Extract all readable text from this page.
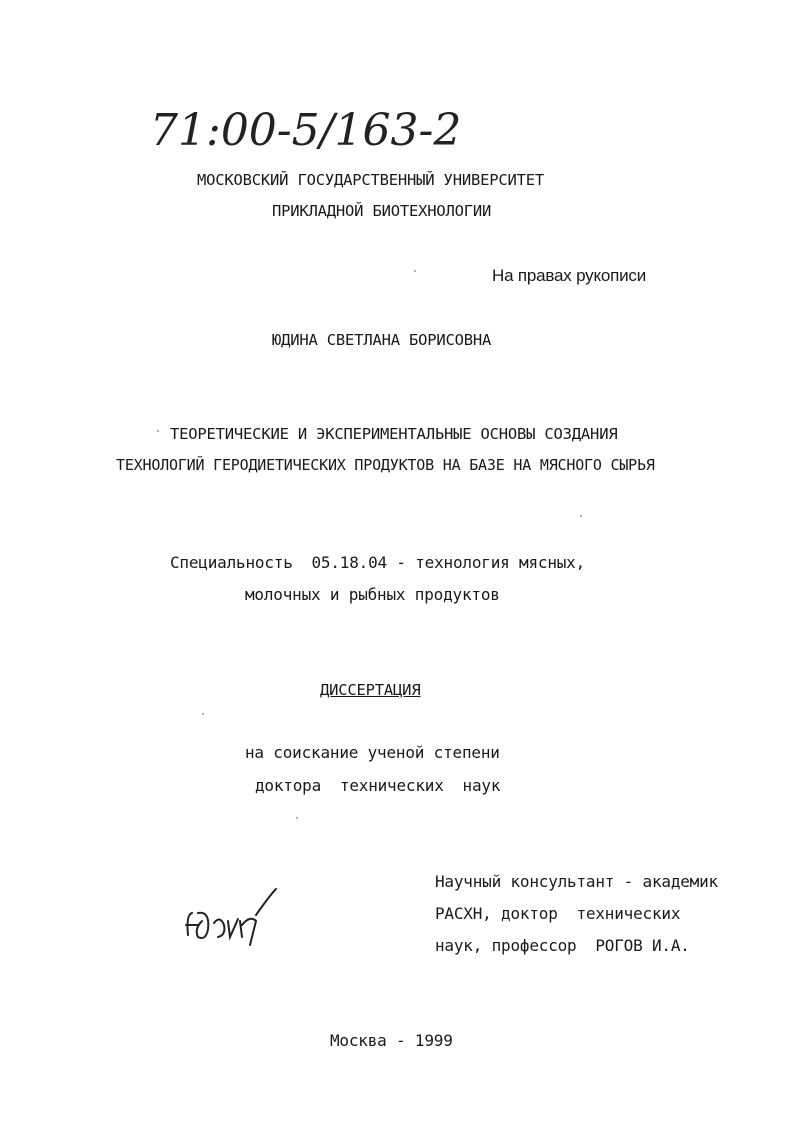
71:00-5/163-2
МОСКОВСКИЙ ГОСУДАРСТВЕННЫЙ УНИВЕРСИТЕТ
ПРИКЛАДНОЙ БИОТЕХНОЛОГИИ
На правах рукописи
ЮДИНА СВЕТЛАНА БОРИСОВНА
ТЕОРЕТИЧЕСКИЕ И ЭКСПЕРИМЕНТАЛЬНЫЕ ОСНОВЫ СОЗДАНИЯ
ТЕХНОЛОГИЙ ГЕРОДИЕТИЧЕСКИХ ПРОДУКТОВ НА БАЗЕ НА МЯСНОГО СЫРЬЯ
Специальность  05.18.04 - технология мясных,
молочных и рыбных продуктов
ДИССЕРТАЦИЯ
на соискание ученой степени
доктора  технических  наук
Научный консультант - академик
РАСХН, доктор  технических
наук, профессор  РОГОВ И.А.
Москва - 1999
